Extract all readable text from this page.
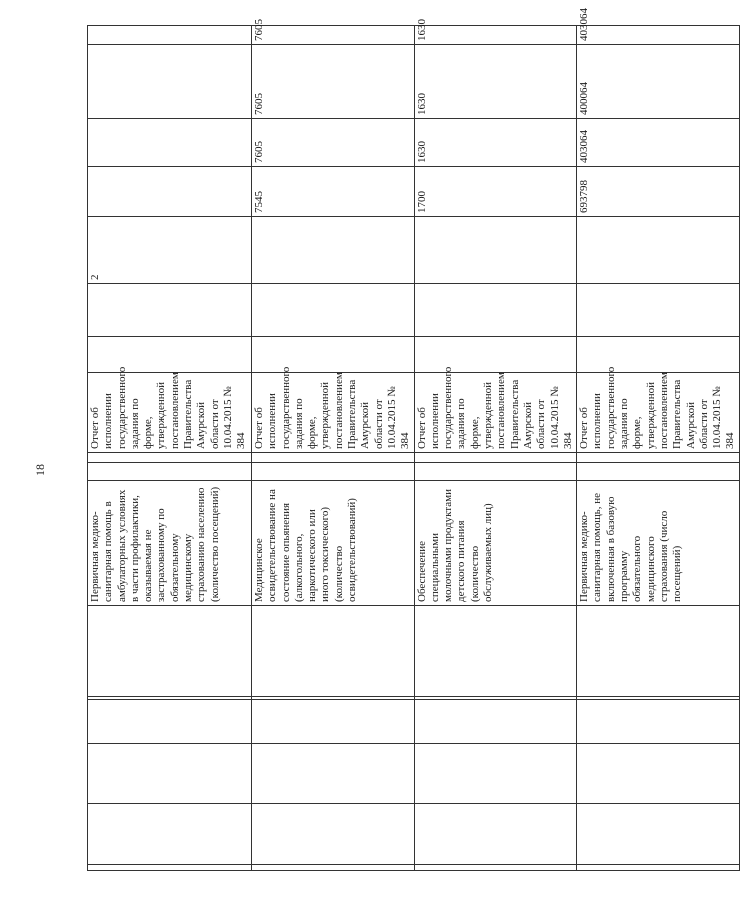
18
						Первичная медико-санитарная помощь в амбулаторных условиях в части профилактики, оказываемая не застрахованному по обязательному медицинскому страхованию населению (количество посещений)			Отчет об исполнении государственного задания по форме, утвержденной постановлением Правительства Амурской области от 10.04.2015 № 384			2				
						Медицинское освидетельствование на состояние опьянения (алкогольного, наркотического или иного токсического) (количество освидетельствований)			Отчет об исполнении государственного задания по форме, утвержденной постановлением Правительства Амурской области от 10.04.2015 № 384				7545	7605	7605	7605
						Обеспечение специальными молочными продуктами детского питания (количество обслуживаемых лиц)			Отчет об исполнении государственного задания по форме, утвержденной постановлением Правительства Амурской области от 10.04.2015 № 384				1700	1630	1630	1630
						Первичная медико-санитарная помощь, не включенная в базовую программу обязательного медицинского страхования (число посещений)			Отчет об исполнении государственного задания по форме, утвержденной постановлением Правительства Амурской области от 10.04.2015 № 384				693798	403064	400064	403064
